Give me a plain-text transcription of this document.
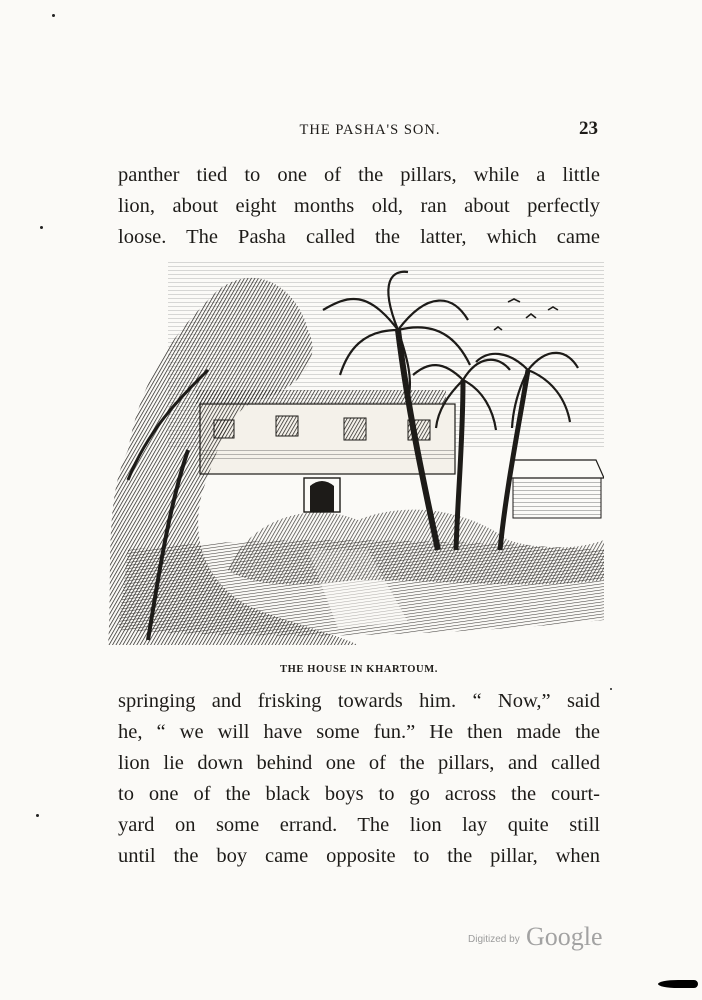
THE PASHA'S SON.	23
panther tied to one of the pillars, while a little
lion, about eight months old, ran about perfectly
loose. The Pasha called the latter, which came
THE HOUSE IN KHARTOUM.
springing and frisking towards him. “ Now,” said
he, “ we will have some fun.” He then made the
lion lie down behind one of the pillars, and called
to one of the black boys to go across the court-
yard on some errand. The lion lay quite still
until the boy came opposite to the pillar, when
Digitized by Google
